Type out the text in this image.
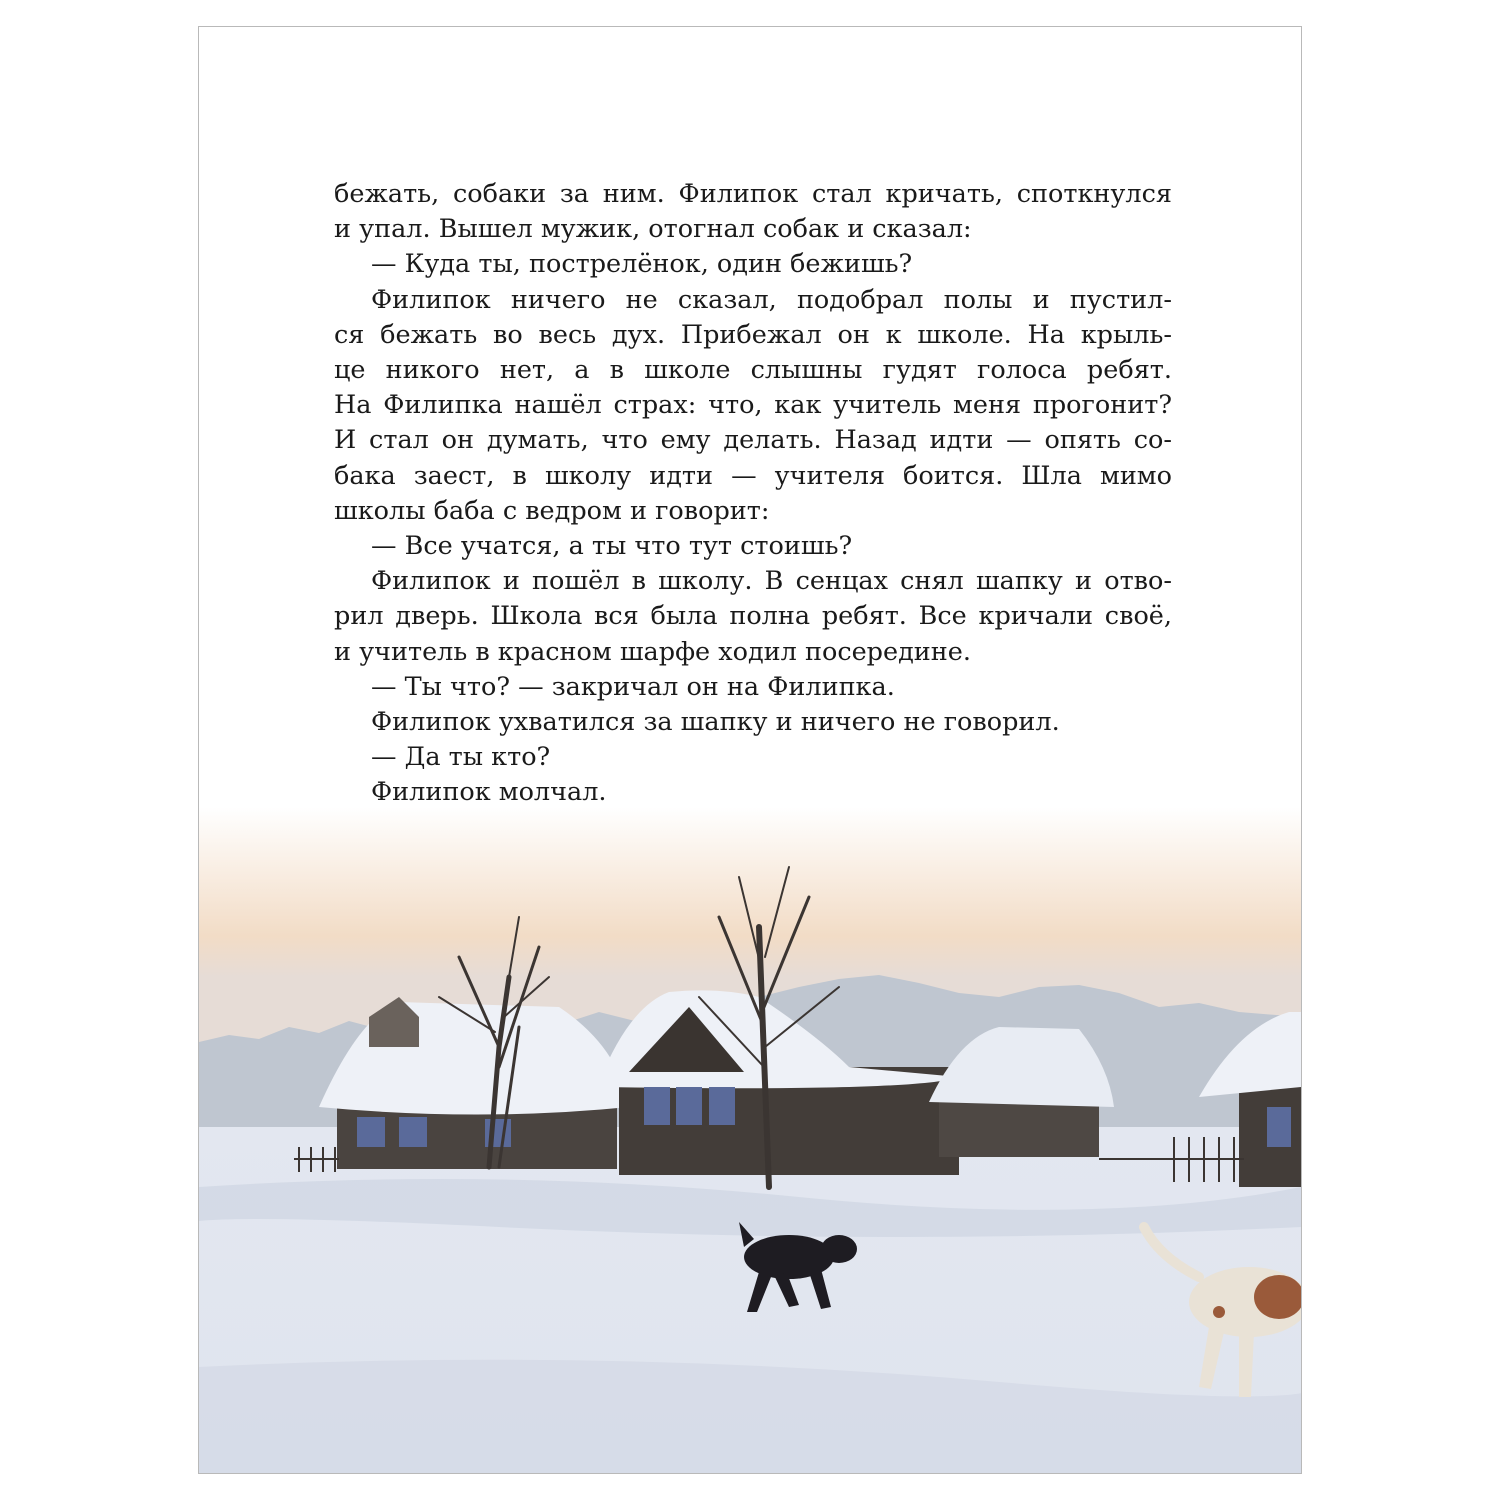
бежать, собаки за ним. Филипок стал кричать, споткнулся
и упал. Вышел мужик, отогнал собак и сказал:
— Куда ты, пострелёнок, один бежишь?
Филипок ничего не сказал, подобрал полы и пустил-
ся бежать во весь дух. Прибежал он к школе. На крыль-
це никого нет, а в школе слышны гудят голоса ребят.
На Филипка нашёл страх: что, как учитель меня прогонит?
И стал он думать, что ему делать. Назад идти — опять со-
бака заест, в школу идти — учителя боится. Шла мимо
школы баба с ведром и говорит:
— Все учатся, а ты что тут стоишь?
Филипок и пошёл в школу. В сенцах снял шапку и отво-
рил дверь. Школа вся была полна ребят. Все кричали своё,
и учитель в красном шарфе ходил посередине.
— Ты что? — закричал он на Филипка.
Филипок ухватился за шапку и ничего не говорил.
— Да ты кто?
Филипок молчал.
